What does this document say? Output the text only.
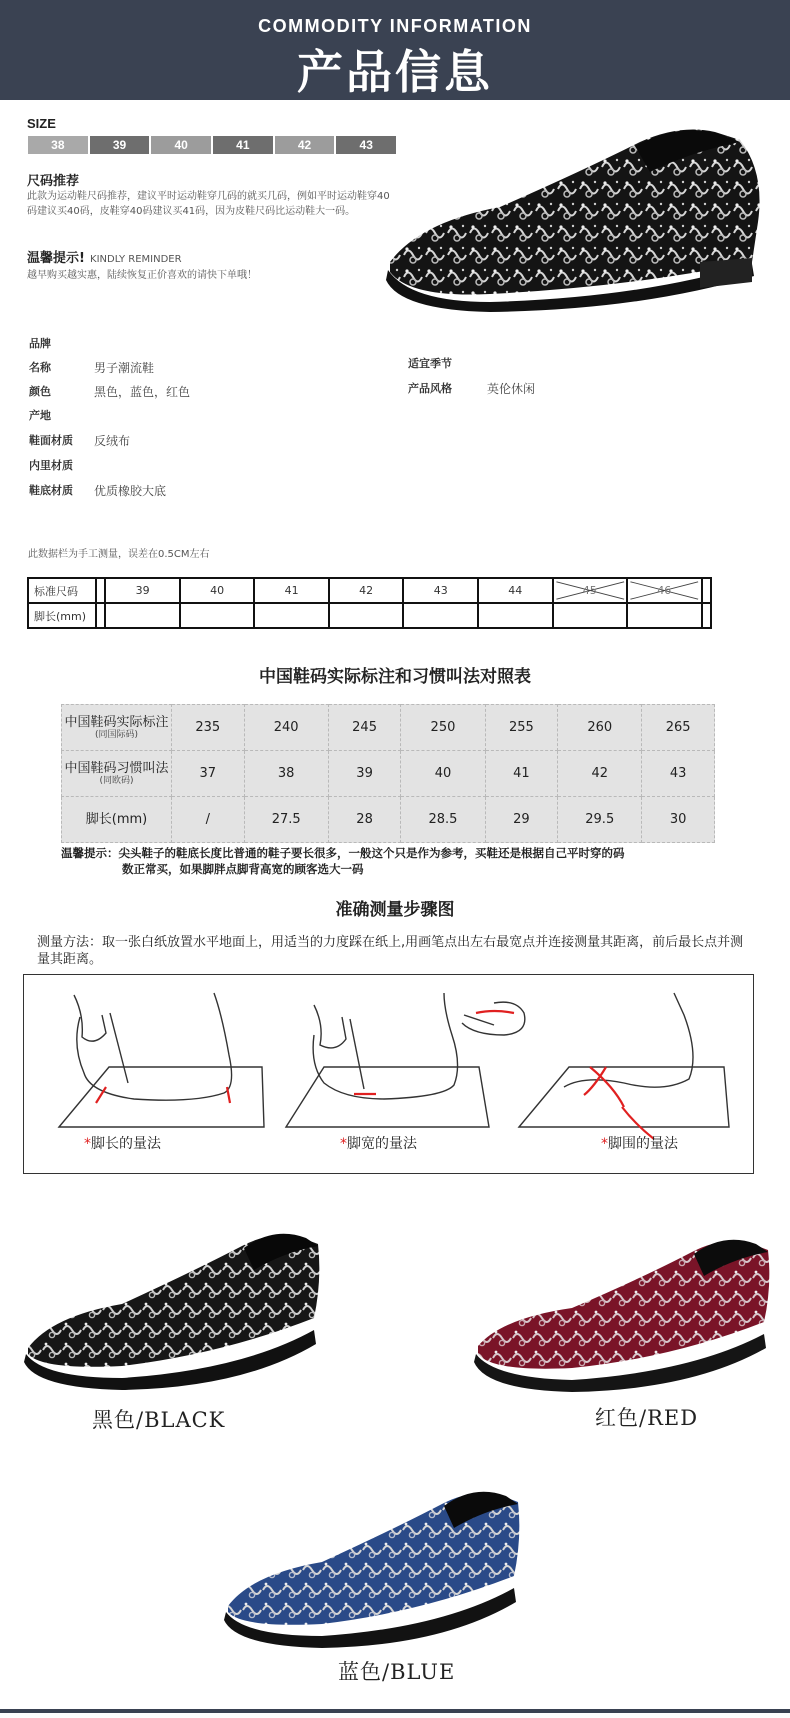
COMMODITY INFORMATION
产品信息
SIZE
38	39	40	41	42	43
尺码推荐
此款为运动鞋尺码推荐，建议平时运动鞋穿几码的就买几码，例如平时运动鞋穿40码建议买40码，皮鞋穿40码建议买41码，因为皮鞋尺码比运动鞋大一码。
温馨提示! KINDLY REMINDER
越早购买越实惠，陆续恢复正价喜欢的请快下单哦！
品牌
名称	男子潮流鞋
颜色	黑色，蓝色，红色
产地
鞋面材质 反绒布
内里材质
鞋底材质 优质橡胶大底
适宜季节
产品风格	英伦休闲
此数据栏为手工测量，误差在0.5CM左右
标准尺码		39	40	41	42	43	44	45	46	
脚长(mm)										
中国鞋码实际标注和习惯叫法对照表
中国鞋码实际标注
(同国际码)	235	240	245	250	255	260	265
中国鞋码习惯叫法
(同欧码)	37	38	39	40	41	42	43
脚长(mm)	/	27.5	28	28.5	29	29.5	30
温馨提示：尖头鞋子的鞋底长度比普通的鞋子要长很多，一般这个只是作为参考，买鞋还是根据自己平时穿的码
数正常买，如果脚胖点脚背高宽的顾客选大一码
准确测量步骤图
测量方法：取一张白纸放置水平地面上，用适当的力度踩在纸上,用画笔点出左右最宽点并连接测量其距离，前后最长点并测量其距离。
*脚长的量法	*脚宽的量法	*脚围的量法
黑色/BLACK	红色/RED
蓝色/BLUE
